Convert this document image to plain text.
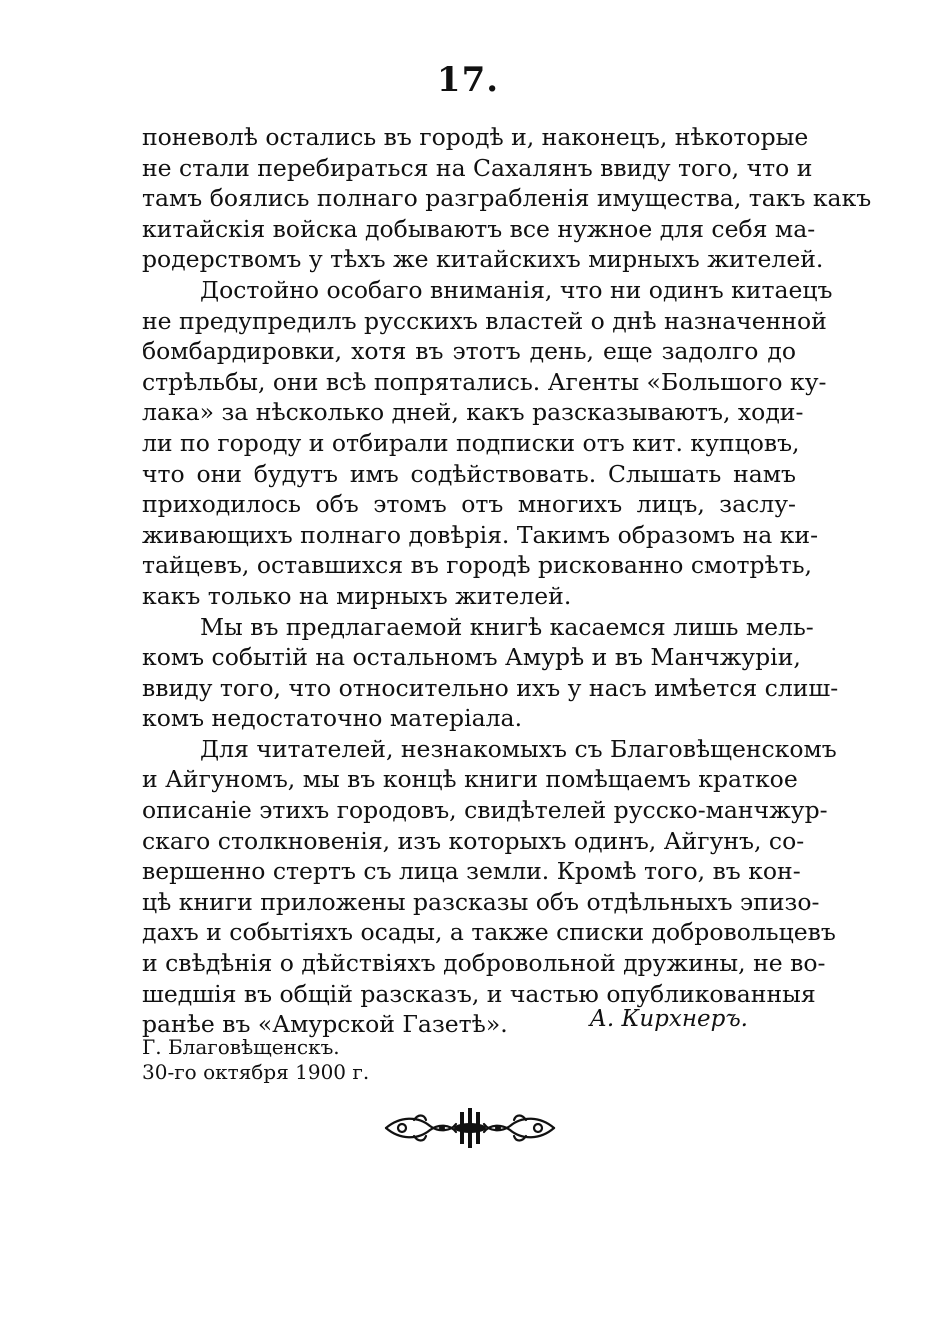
17.
поневолѣ остались въ городѣ и, наконецъ, нѣкоторые
не стали перебираться на Сахалянъ ввиду того, что и
тамъ боялись полнаго разграбленія имущества, такъ какъ
китайскія войска добываютъ все нужное для себя ма-
родерствомъ у тѣхъ же китайскихъ мирныхъ жителей.
Достойно особаго вниманія, что ни одинъ китаецъ
не предупредилъ русскихъ властей о днѣ назначенной
бомбардировки, хотя въ этотъ день, еще задолго до
стрѣльбы, они всѣ попрятались. Агенты «Большого ку-
лака» за нѣсколько дней, какъ разсказываютъ, ходи-
ли по городу и отбирали подписки отъ кит. купцовъ,
что они будутъ имъ содѣйствовать. Слышать намъ
приходилось объ этомъ отъ многихъ лицъ, заслу-
живающихъ полнаго довѣрія. Такимъ образомъ на ки-
тайцевъ, оставшихся въ городѣ рискованно смотрѣть,
какъ только на мирныхъ жителей.
Мы въ предлагаемой книгѣ касаемся лишь мель-
комъ событій на остальномъ Амурѣ и въ Манчжуріи,
ввиду того, что относительно ихъ у насъ имѣется слиш-
комъ недостаточно матеріала.
Для читателей, незнакомыхъ съ Благовѣщенскомъ
и Айгуномъ, мы въ концѣ книги помѣщаемъ краткое
описаніе этихъ городовъ, свидѣтелей русско-манчжур-
скаго столкновенія, изъ которыхъ одинъ, Айгунъ, со-
вершенно стертъ съ лица земли. Кромѣ того, въ кон-
цѣ книги приложены разсказы объ отдѣльныхъ эпизо-
дахъ и событіяхъ осады, а также списки добровольцевъ
и свѣдѣнія о дѣйствіяхъ добровольной дружины, не во-
шедшія въ общій разсказъ, и частью опубликованныя
ранѣе въ «Амурской Газетѣ».	А. Кирхнеръ.
Г. Благовѣщенскъ.
30-го октября 1900 г.
